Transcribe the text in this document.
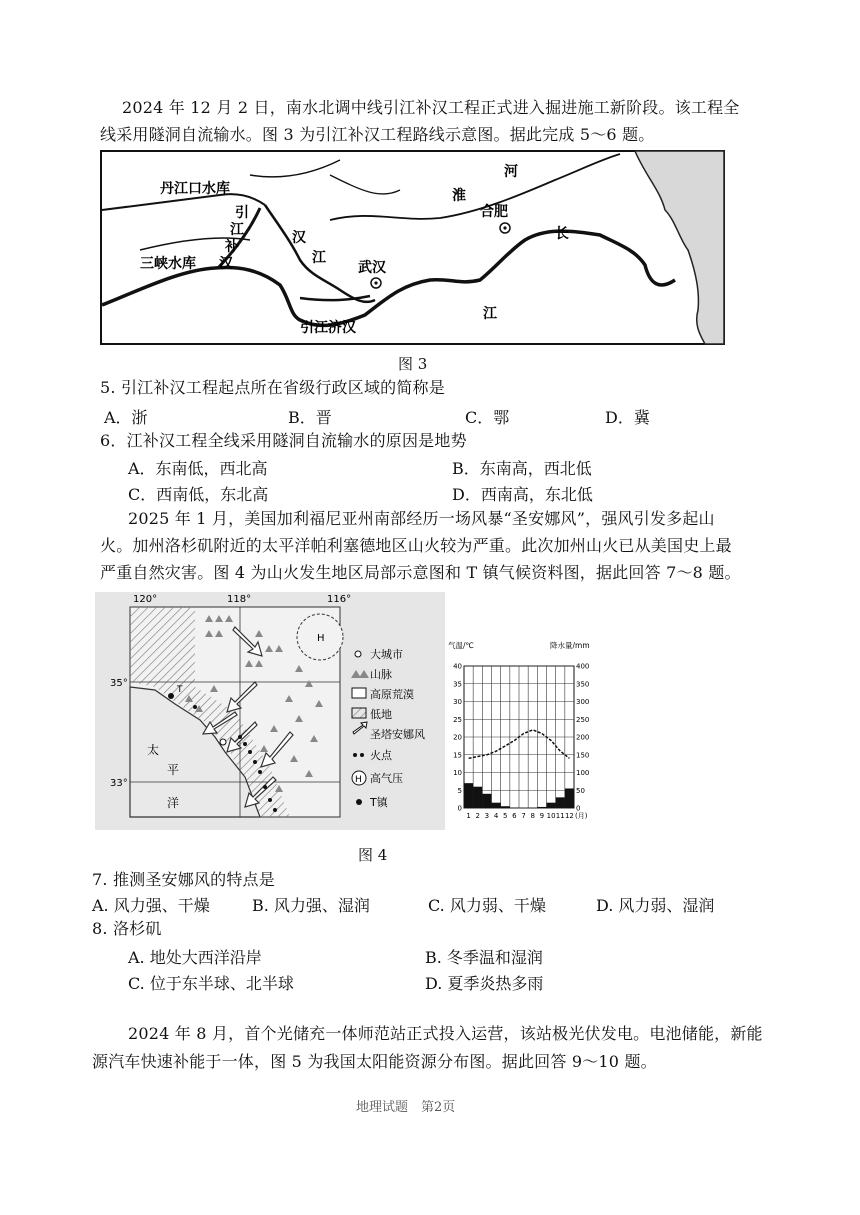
2024 年 12 月 2 日，南水北调中线引江补汉工程正式进入掘进施工新阶段。该工程全
线采用隧洞自流输水。图 3 为引江补汉工程路线示意图。据此完成 5～6 题。
丹江口水库
三峡水库
引
江
补
汉
汉
江
武汉
引江济汉
合肥
淮
河
长
江
图 3
5. 引江补汉工程起点所在省级行政区域的简称是
A．浙	B．晋	C．鄂	D．冀
6．江补汉工程全线采用隧洞自流输水的原因是地势
A．东南低，西北高	B．东南高，西北低
C．西南低，东北高	D．西南高，东北低
2025 年 1 月，美国加利福尼亚州南部经历一场风暴“圣安娜风”，强风引发多起山
火。加州洛杉矶附近的太平洋帕利塞德地区山火较为严重。此次加州山火已从美国史上最
严重自然灾害。图 4 为山火发生地区局部示意图和 T 镇气候资料图，据此回答 7～8 题。
H
T
120°	118°	116°
35°
33°
太
平
洋
大城市
山脉
高原荒漠
低地
圣塔安娜风
火点
H 高气压
T镇
气温/℃	降水量/mm
0	0
5	50
10	100
15	150
20	200
25	250
30	300
35	350
40	400
1 2 3 4 5 6 7 8 9 10 11 12 (月)
图 4
7. 推测圣安娜风的特点是
A. 风力强、干燥	B. 风力强、湿润	C. 风力弱、干燥	D. 风力弱、湿润
8. 洛杉矶
A. 地处大西洋沿岸	B. 冬季温和湿润
C. 位于东半球、北半球	D. 夏季炎热多雨
2024 年 8 月，首个光储充一体师范站正式投入运营，该站极光伏发电。电池储能，新能
源汽车快速补能于一体，图 5 为我国太阳能资源分布图。据此回答 9～10 题。
地理试题　第2页
